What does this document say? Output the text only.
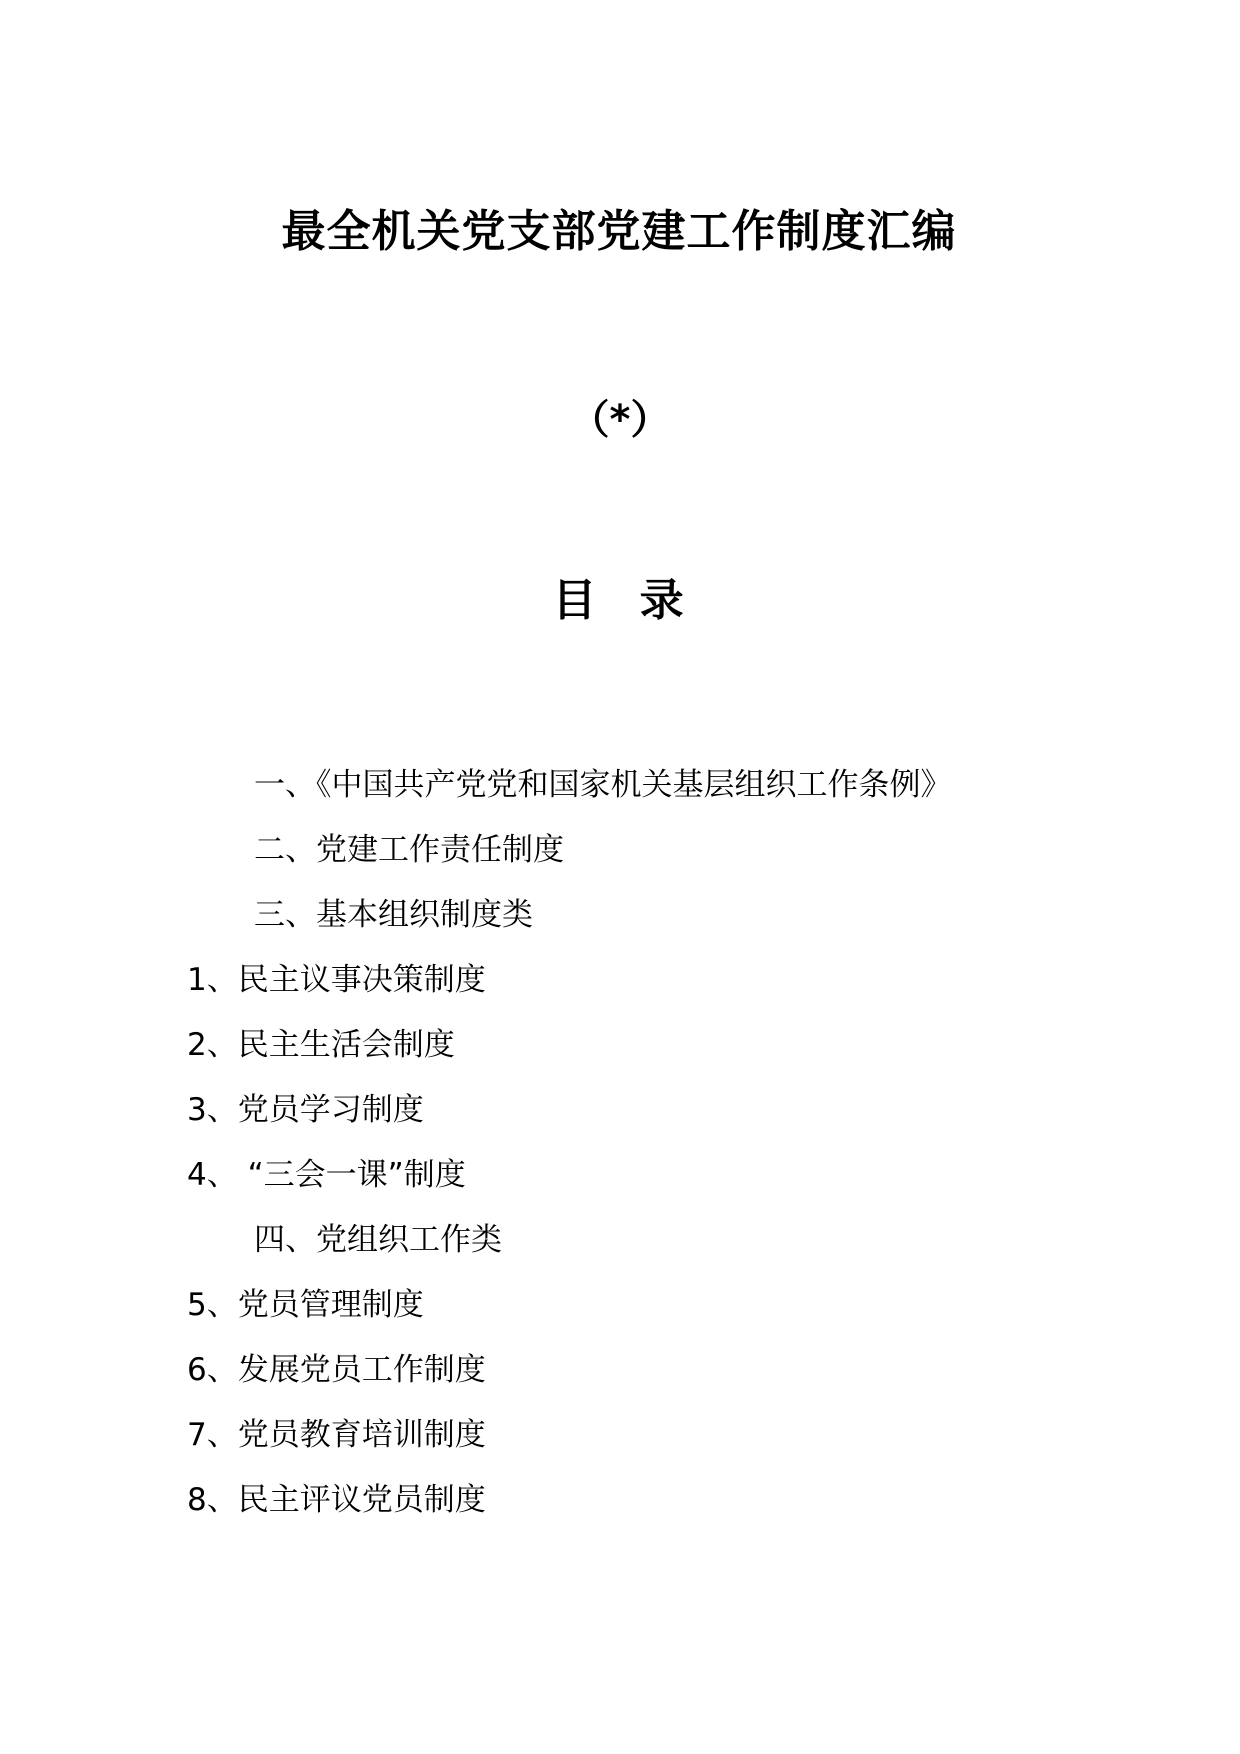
最全机关党支部党建工作制度汇编
（*）
目 录
一、《中国共产党党和国家机关基层组织工作条例》
二、党建工作责任制度
三、基本组织制度类
1、民主议事决策制度
2、民主生活会制度
3、党员学习制度
4、 “三会一课”制度
四、党组织工作类
5、党员管理制度
6、发展党员工作制度
7、党员教育培训制度
8、民主评议党员制度
